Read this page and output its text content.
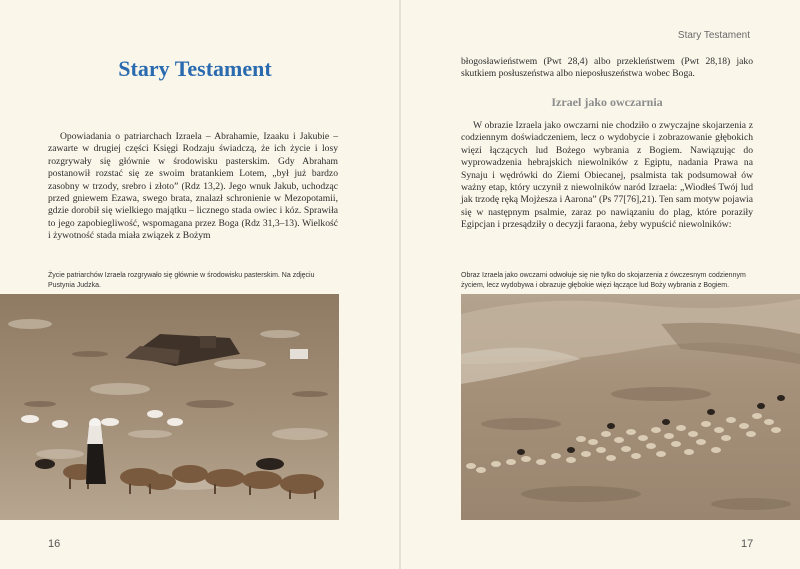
Stary Testament

Opowiadania o patriarchach Izraela – Abrahamie, Izaaku i Jakubie – zawarte w drugiej części Księgi Rodzaju świadczą, że ich życie i losy rozgrywały się głównie w środowisku pasterskim. Gdy Abraham postanowił rozstać się ze swoim bratankiem Lotem, „był już bardzo zasobny w trzody, srebro i złoto” (Rdz 13,2). Jego wnuk Jakub, uchodząc przed gniewem Ezawa, swego brata, znalazł schronienie w Mezopotamii, gdzie dorobił się wielkiego majątku – licznego stada owiec i kóz. Sprawiła to jego zapobiegliwość, wspomagana przez Boga (Rdz 31,3–13). Wielkość i żywotność stada miała związek z Bożym

Życie patriarchów Izraela rozgrywało się głównie w środowisku pasterskim. Na zdjęciu Pustynia Judzka.
16
Stary Testament

błogosławieństwem (Pwt 28,4) albo przekleństwem (Pwt 28,18) jako skutkiem posłuszeństwa albo nieposłuszeństwa wobec Boga.

Izrael jako owczarnia

W obrazie Izraela jako owczarni nie chodziło o zwyczajne skojarzenia z codziennym doświadczeniem, lecz o wydobycie i zobrazowanie głębokich więzi łączących lud Bożego wybrania z Bogiem. Nawiązując do wyprowadzenia hebrajskich niewolników z Egiptu, nadania Prawa na Synaju i wędrówki do Ziemi Obiecanej, psalmista tak podsumował ów ważny etap, który uczynił z niewolników naród Izraela: „Wiodłeś Twój lud jak trzodę ręką Mojżesza i Aarona” (Ps 77[76],21). Ten sam motyw pojawia się w następnym psalmie, zaraz po nawiązaniu do plag, które poraziły Egipcjan i przesądziły o decyzji faraona, żeby wypuścić niewolników:

Obraz Izraela jako owczarni odwołuje się nie tylko do skojarzenia z ówczesnym codziennym życiem, lecz wydobywa i obrazuje głębokie więzi łączące lud Boży wybrania z Bogiem.
17
